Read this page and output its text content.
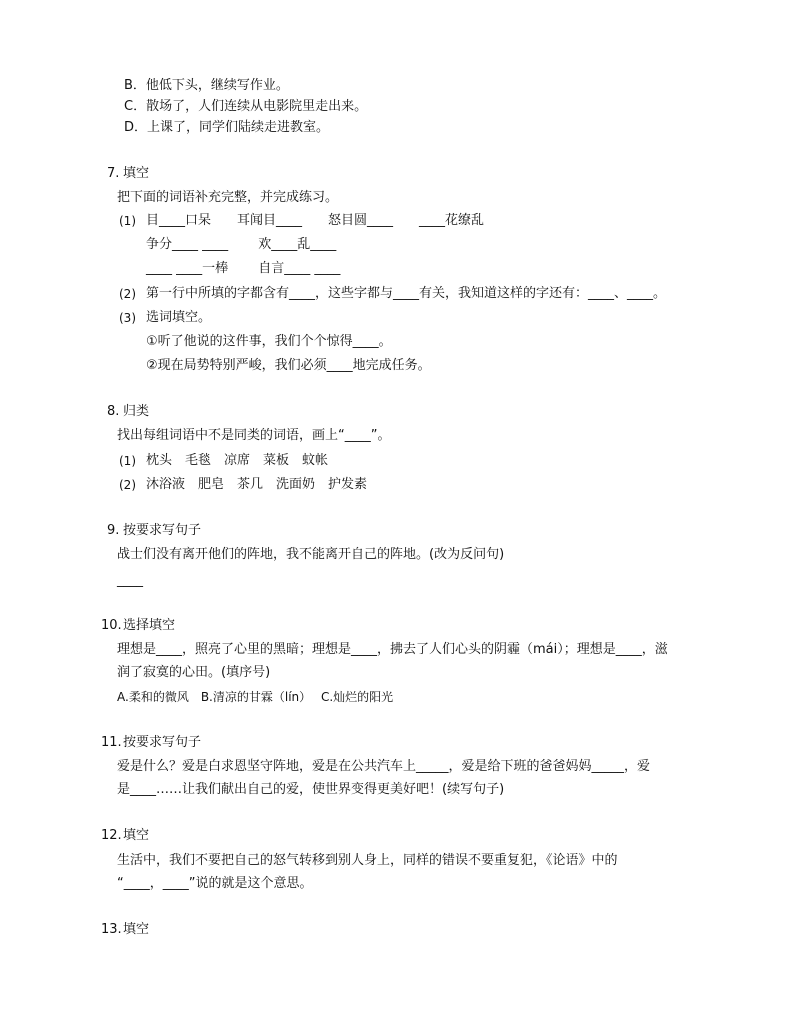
B．他低下头，继续写作业。
C．散场了，人们连续从电影院里走出来。
D．上课了，同学们陆续走进教室。
7. 填空
把下面的词语补充完整，并完成练习。
(1) 目____口呆　　耳闻目____　　怒目圆____　　____花缭乱
争分____ ____　　 欢____乱____
____ ____一棒　　 自言____ ____
(2) 第一行中所填的字都含有____，这些字都与____有关，我知道这样的字还有：____、____。
(3) 选词填空。
①听了他说的这件事，我们个个惊得____。
②现在局势特别严峻，我们必须____地完成任务。
8. 归类
找出每组词语中不是同类的词语，画上“____”。
(1) 枕头　毛毯　凉席　菜板　蚊帐
(2) 沐浴液　肥皂　茶几　洗面奶　护发素
9. 按要求写句子
战士们没有离开他们的阵地，我不能离开自己的阵地。(改为反问句)
____
10. 选择填空
理想是____，照亮了心里的黑暗；理想是____，拂去了人们心头的阴霾（mái）；理想是____，滋
润了寂寞的心田。(填序号)
A.柔和的微风　B.清凉的甘霖（lín）　 C.灿烂的阳光
11. 按要求写句子
爱是什么？爱是白求恩坚守阵地，爱是在公共汽车上_____，爱是给下班的爸爸妈妈_____，爱
是____……让我们献出自己的爱，使世界变得更美好吧！(续写句子)
12. 填空
生活中，我们不要把自己的怒气转移到别人身上，同样的错误不要重复犯，《论语》中的
“____，____”说的就是这个意思。
13. 填空
